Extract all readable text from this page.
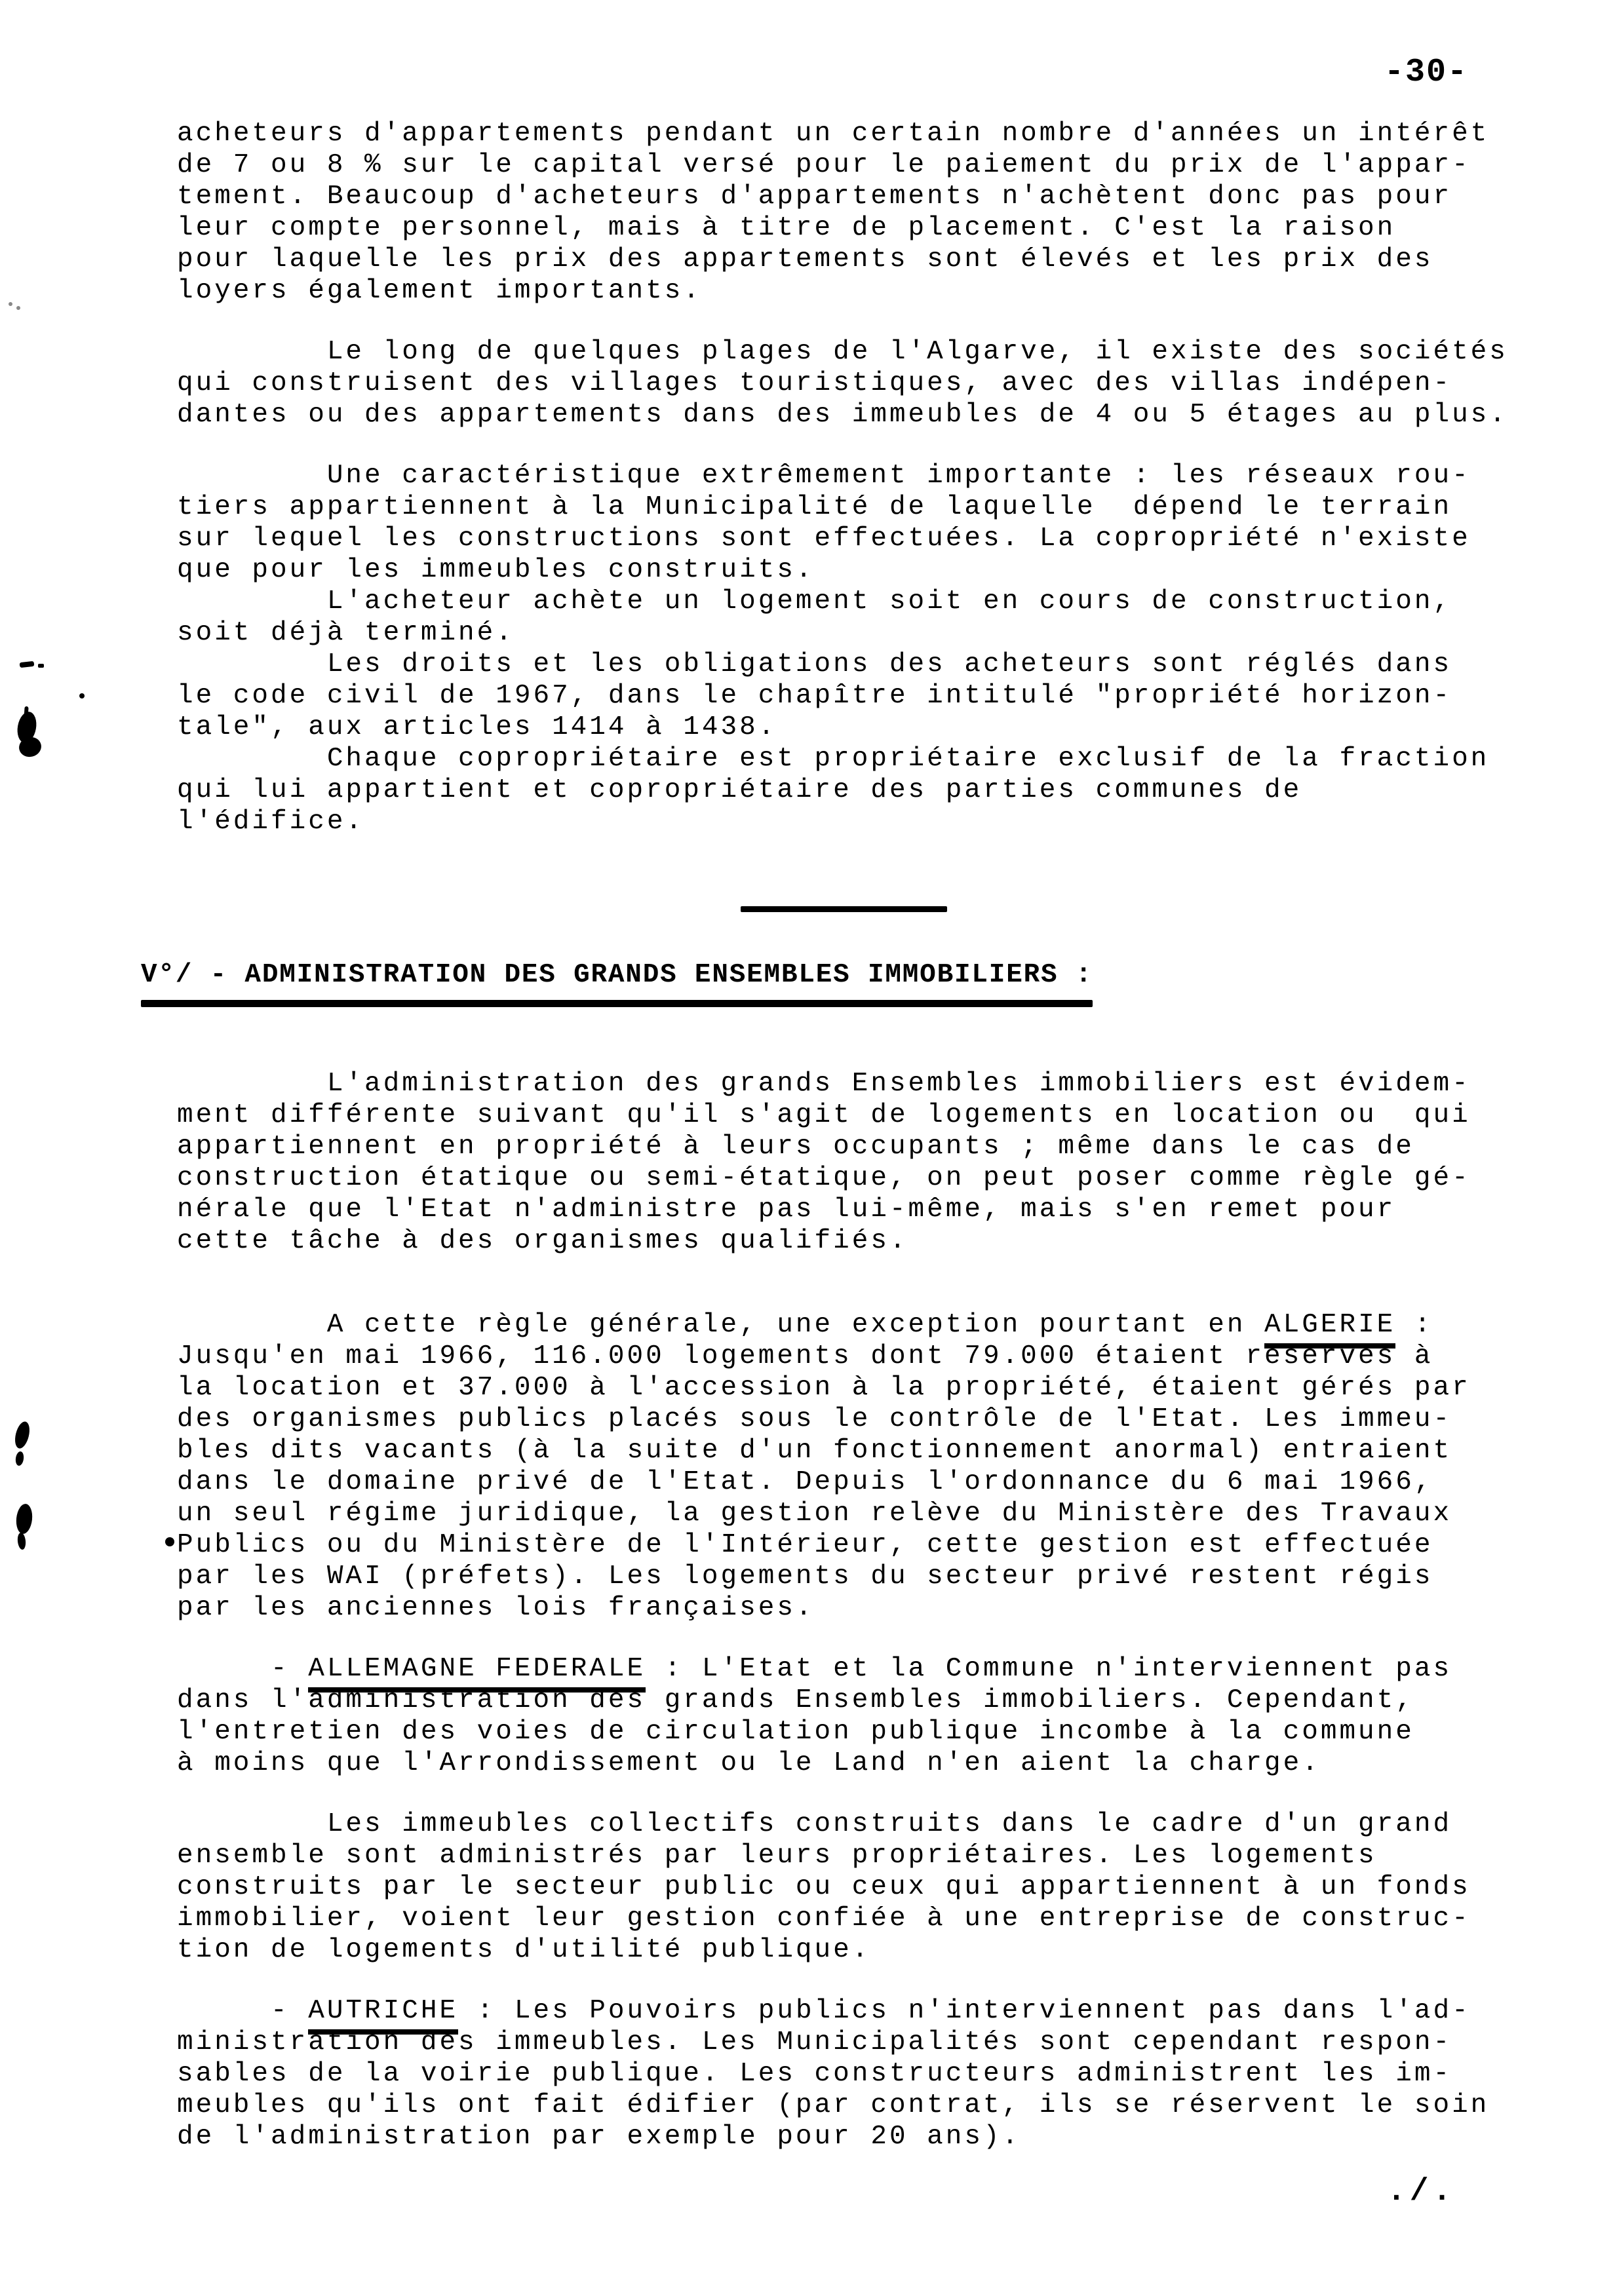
-30-
acheteurs d'appartements pendant un certain nombre d'années un intérêt
de 7 ou 8 % sur le capital versé pour le paiement du prix de l'appar-
tement. Beaucoup d'acheteurs d'appartements n'achètent donc pas pour
leur compte personnel, mais à titre de placement. C'est la raison
pour laquelle les prix des appartements sont élevés et les prix des
loyers également importants.
Le long de quelques plages de l'Algarve, il existe des sociétés
qui construisent des villages touristiques, avec des villas indépen-
dantes ou des appartements dans des immeubles de 4 ou 5 étages au plus.
Une caractéristique extrêmement importante : les réseaux rou-
tiers appartiennent à la Municipalité de laquelle  dépend le terrain
sur lequel les constructions sont effectuées. La copropriété n'existe
que pour les immeubles construits.
L'acheteur achète un logement soit en cours de construction,
soit déjà terminé.
Les droits et les obligations des acheteurs sont réglés dans
le code civil de 1967, dans le chapître intitulé "propriété horizon-
tale", aux articles 1414 à 1438.
Chaque copropriétaire est propriétaire exclusif de la fraction
qui lui appartient et copropriétaire des parties communes de
l'édifice.
V°/ - ADMINISTRATION DES GRANDS ENSEMBLES IMMOBILIERS :
L'administration des grands Ensembles immobiliers est évidem-
ment différente suivant qu'il s'agit de logements en location ou  qui
appartiennent en propriété à leurs occupants ; même dans le cas de
construction étatique ou semi-étatique, on peut poser comme règle gé-
nérale que l'Etat n'administre pas lui-même, mais s'en remet pour
cette tâche à des organismes qualifiés.
A cette règle générale, une exception pourtant en ALGERIE :
Jusqu'en mai 1966, 116.000 logements dont 79.000 étaient réservés à
la location et 37.000 à l'accession à la propriété, étaient gérés par
des organismes publics placés sous le contrôle de l'Etat. Les immeu-
bles dits vacants (à la suite d'un fonctionnement anormal) entraient
dans le domaine privé de l'Etat. Depuis l'ordonnance du 6 mai 1966,
un seul régime juridique, la gestion relève du Ministère des Travaux
Publics ou du Ministère de l'Intérieur, cette gestion est effectuée
par les WAI (préfets). Les logements du secteur privé restent régis
par les anciennes lois françaises.
- ALLEMAGNE FEDERALE : L'Etat et la Commune n'interviennent pas
dans l'administration des grands Ensembles immobiliers. Cependant,
l'entretien des voies de circulation publique incombe à la commune
à moins que l'Arrondissement ou le Land n'en aient la charge.
Les immeubles collectifs construits dans le cadre d'un grand
ensemble sont administrés par leurs propriétaires. Les logements
construits par le secteur public ou ceux qui appartiennent à un fonds
immobilier, voient leur gestion confiée à une entreprise de construc-
tion de logements d'utilité publique.
- AUTRICHE : Les Pouvoirs publics n'interviennent pas dans l'ad-
ministration des immeubles. Les Municipalités sont cependant respon-
sables de la voirie publique. Les constructeurs administrent les im-
meubles qu'ils ont fait édifier (par contrat, ils se réservent le soin
de l'administration par exemple pour 20 ans).
./.
